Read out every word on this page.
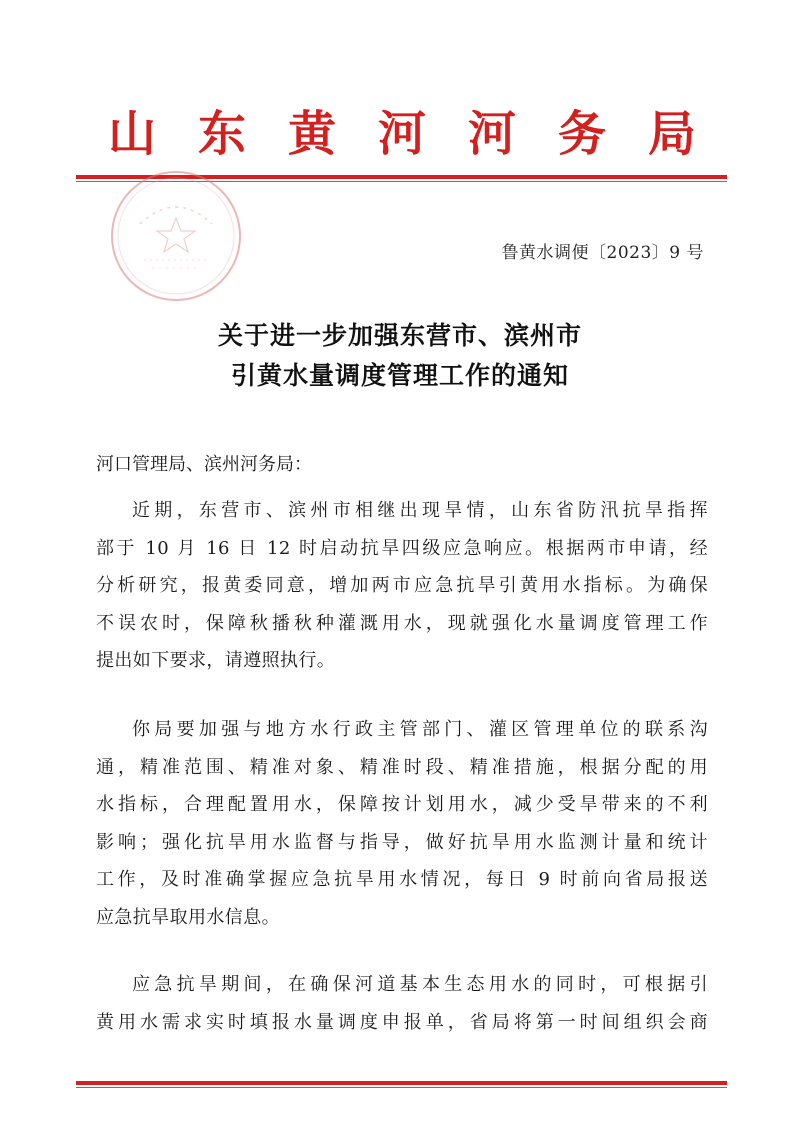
山 东 黄 河 河 务 局
鲁黄水调便〔2023〕9 号
关于进一步加强东营市、滨州市
引黄水量调度管理工作的通知
河口管理局、滨州河务局：
近期，东营市、滨州市相继出现旱情，山东省防汛抗旱指挥
部于 10 月 16 日 12 时启动抗旱四级应急响应。根据两市申请，经
分析研究，报黄委同意，增加两市应急抗旱引黄用水指标。为确保
不误农时，保障秋播秋种灌溉用水，现就强化水量调度管理工作
提出如下要求，请遵照执行。
你局要加强与地方水行政主管部门、灌区管理单位的联系沟
通，精准范围、精准对象、精准时段、精准措施，根据分配的用
水指标，合理配置用水，保障按计划用水，减少受旱带来的不利
影响；强化抗旱用水监督与指导，做好抗旱用水监测计量和统计
工作，及时准确掌握应急抗旱用水情况，每日 9 时前向省局报送
应急抗旱取用水信息。
应急抗旱期间，在确保河道基本生态用水的同时，可根据引
黄用水需求实时填报水量调度申报单，省局将第一时间组织会商
